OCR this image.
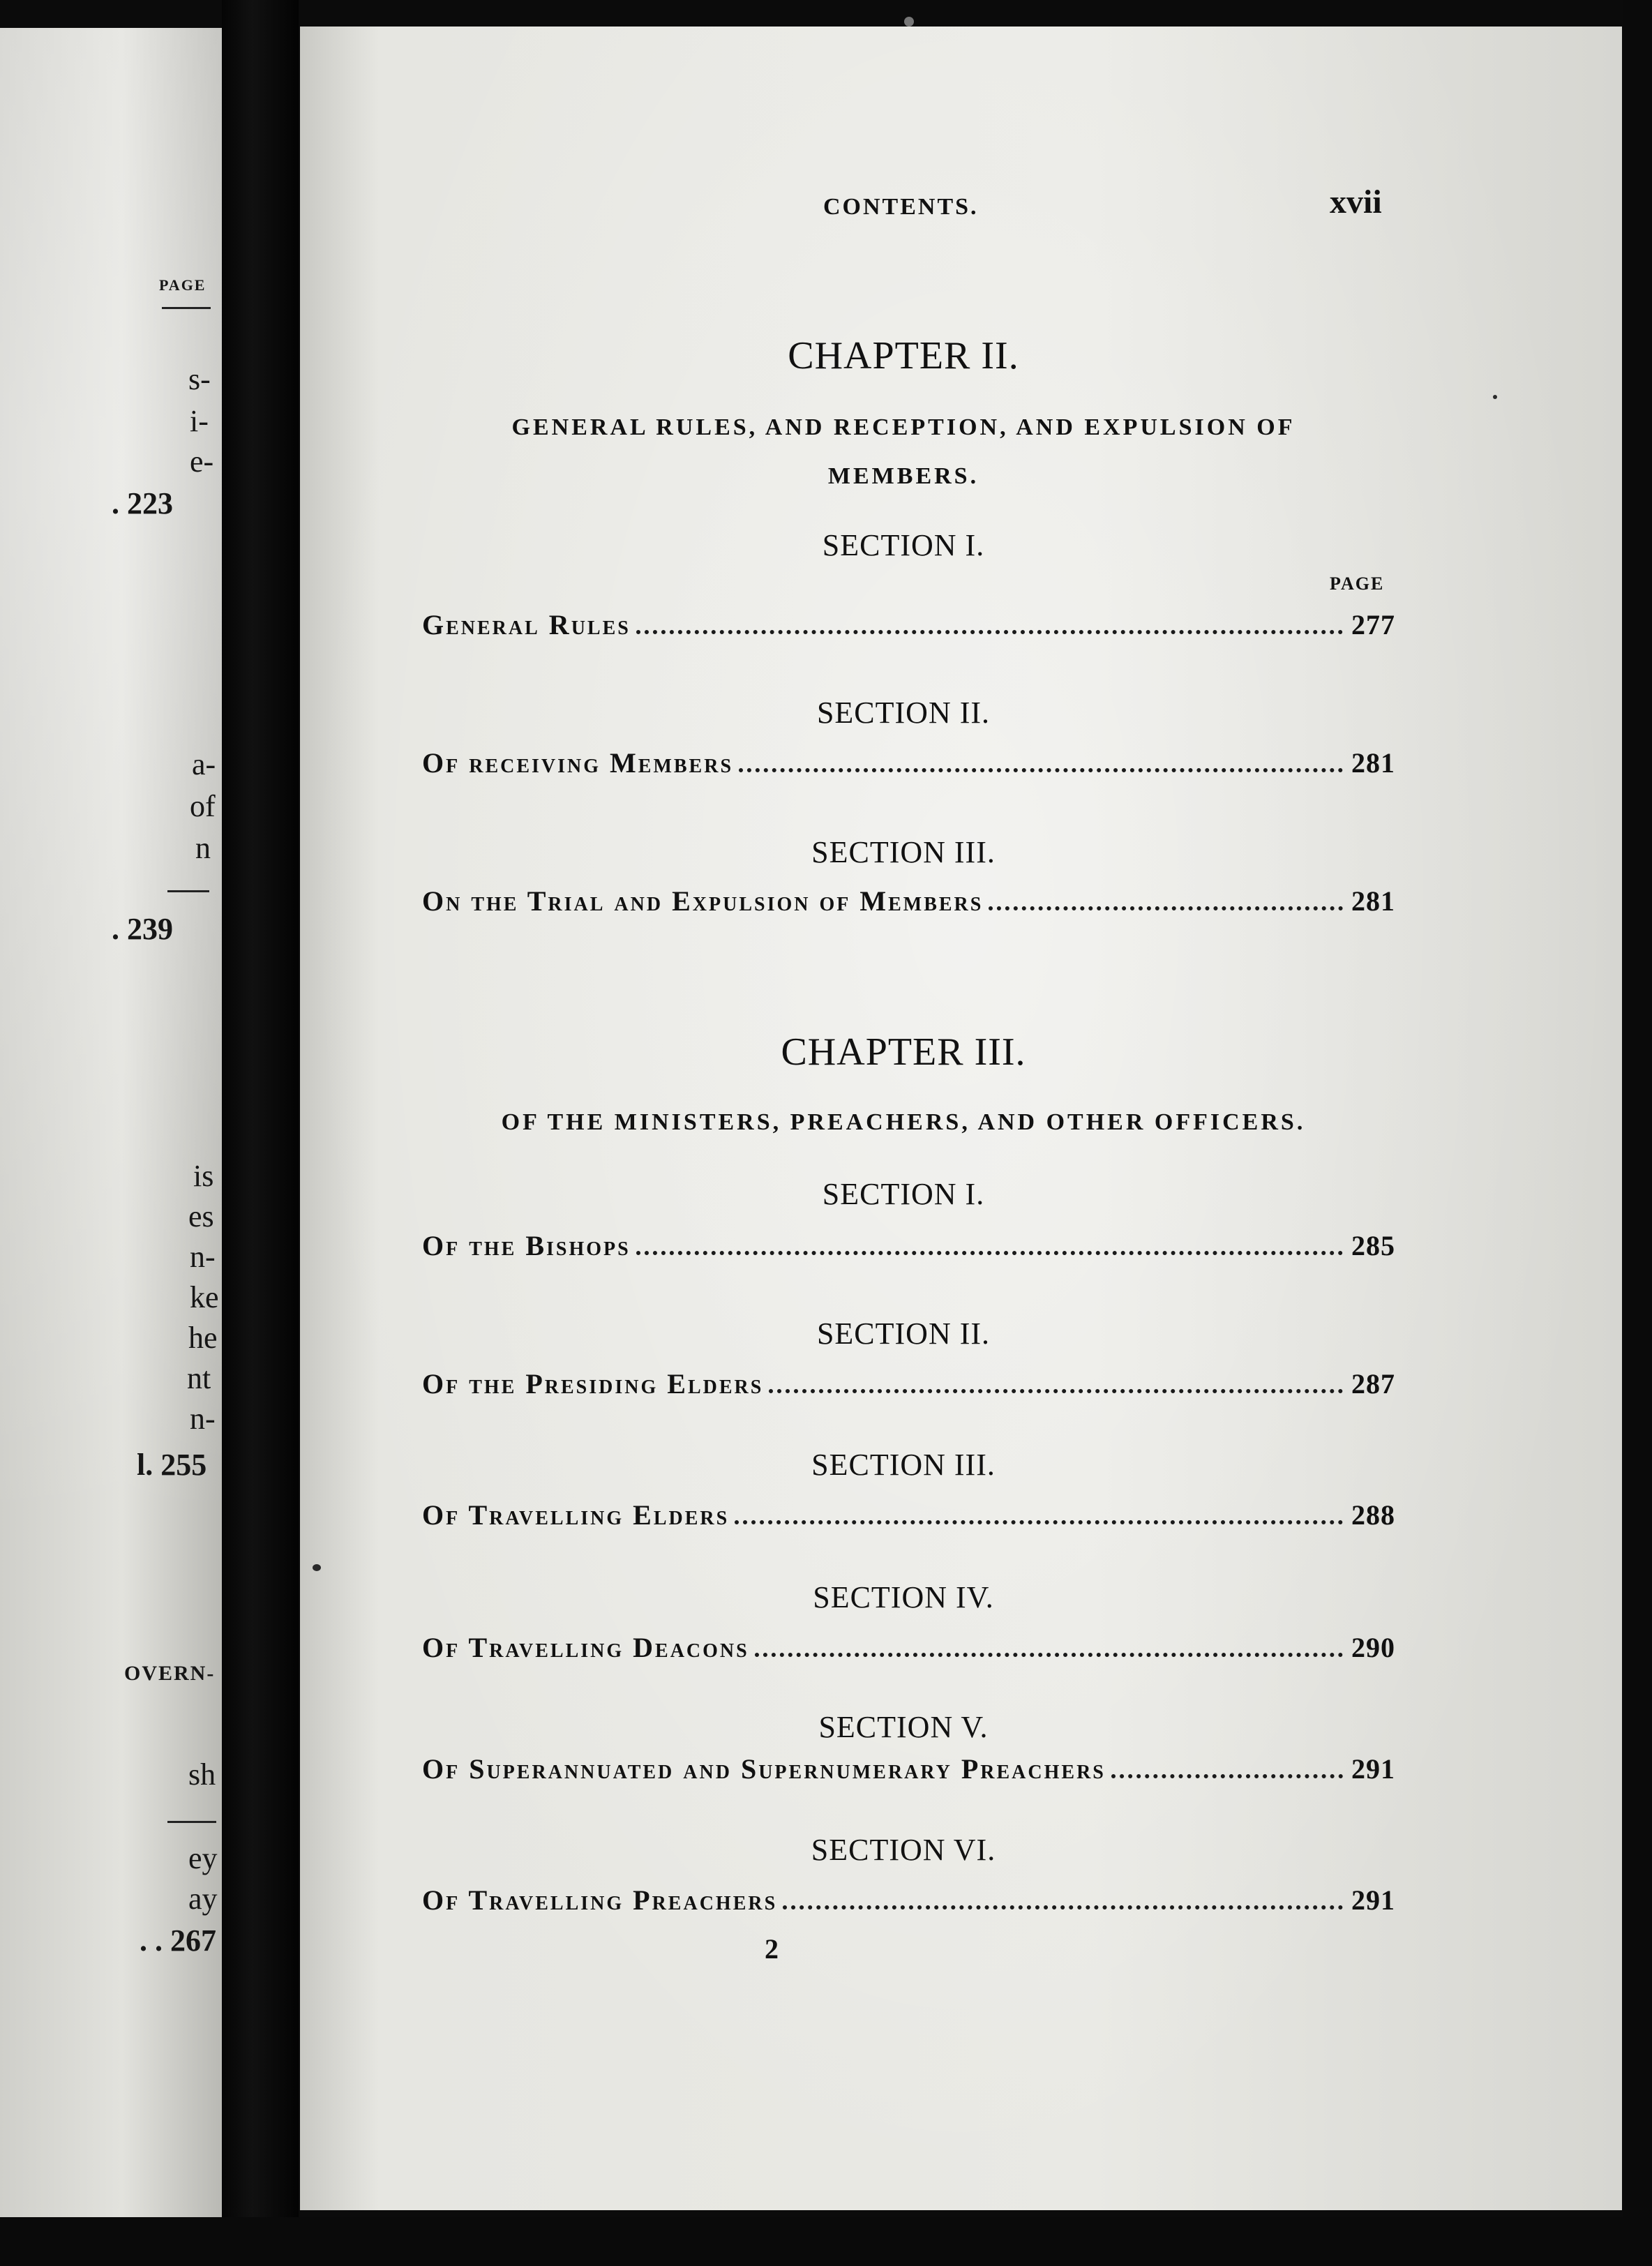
PAGE
s-
i-
e-
. 223
a-
of
n
. 239
is
es
n-
ke
he
nt
n-
l. 255
OVERN-
sh
ey
ay
. . 267
CONTENTS.	xvii
CHAPTER II.
GENERAL RULES, AND RECEPTION, AND EXPULSION OF
MEMBERS.
SECTION I.
PAGE
General Rules	277
SECTION II.
Of receiving Members	281
SECTION III.
On the Trial and Expulsion of Members	281
CHAPTER III.
OF THE MINISTERS, PREACHERS, AND OTHER OFFICERS.
SECTION I.
Of the Bishops	285
SECTION II.
Of the Presiding Elders	287
SECTION III.
Of Travelling Elders	288
SECTION IV.
Of Travelling Deacons	290
SECTION V.
Of Superannuated and Supernumerary Preachers	291
SECTION VI.
Of Travelling Preachers	291
2
